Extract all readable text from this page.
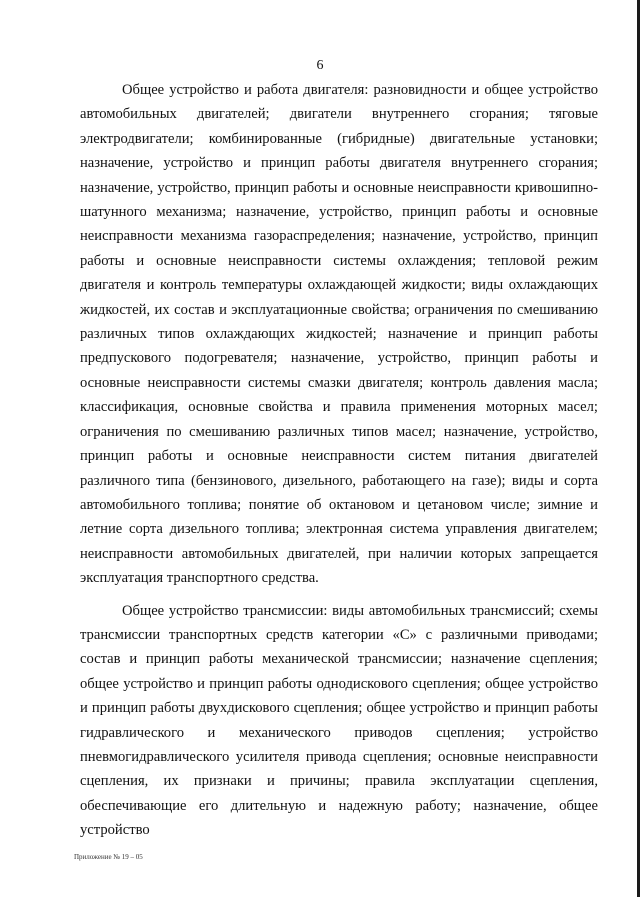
6

Общее устройство и работа двигателя: разновидности и общее устройство автомобильных двигателей; двигатели внутреннего сгорания; тяговые электродвигатели; комбинированные (гибридные) двигательные установки; назначение, устройство и принцип работы двигателя внутреннего сгорания; назначение, устройство, принцип работы и основные неисправности кривошипно-шатунного механизма; назначение, устройство, принцип работы и основные неисправности механизма газораспределения; назначение, устройство, принцип работы и основные неисправности системы охлаждения; тепловой режим двигателя и контроль температуры охлаждающей жидкости; виды охлаждающих жидкостей, их состав и эксплуатационные свойства; ограничения по смешиванию различных типов охлаждающих жидкостей; назначение и принцип работы предпускового подогревателя; назначение, устройство, принцип работы и основные неисправности системы смазки двигателя; контроль давления масла; классификация, основные свойства и правила применения моторных масел; ограничения по смешиванию различных типов масел; назначение, устройство, принцип работы и основные неисправности систем питания двигателей различного типа (бензинового, дизельного, работающего на газе); виды и сорта автомобильного топлива; понятие об октановом и цетановом числе; зимние и летние сорта дизельного топлива; электронная система управления двигателем; неисправности автомобильных двигателей, при наличии которых запрещается эксплуатация транспортного средства.

Общее устройство трансмиссии: виды автомобильных трансмиссий; схемы трансмиссии транспортных средств категории «С» с различными приводами; состав и принцип работы механической трансмиссии; назначение сцепления; общее устройство и принцип работы однодискового сцепления; общее устройство и принцип работы двухдискового сцепления; общее устройство и принцип работы гидравлического и механического приводов сцепления; устройство пневмогидравлического усилителя привода сцепления; основные неисправности сцепления, их признаки и причины; правила эксплуатации сцепления, обеспечивающие его длительную и надежную работу; назначение, общее устройство

Приложение № 19 – 05
